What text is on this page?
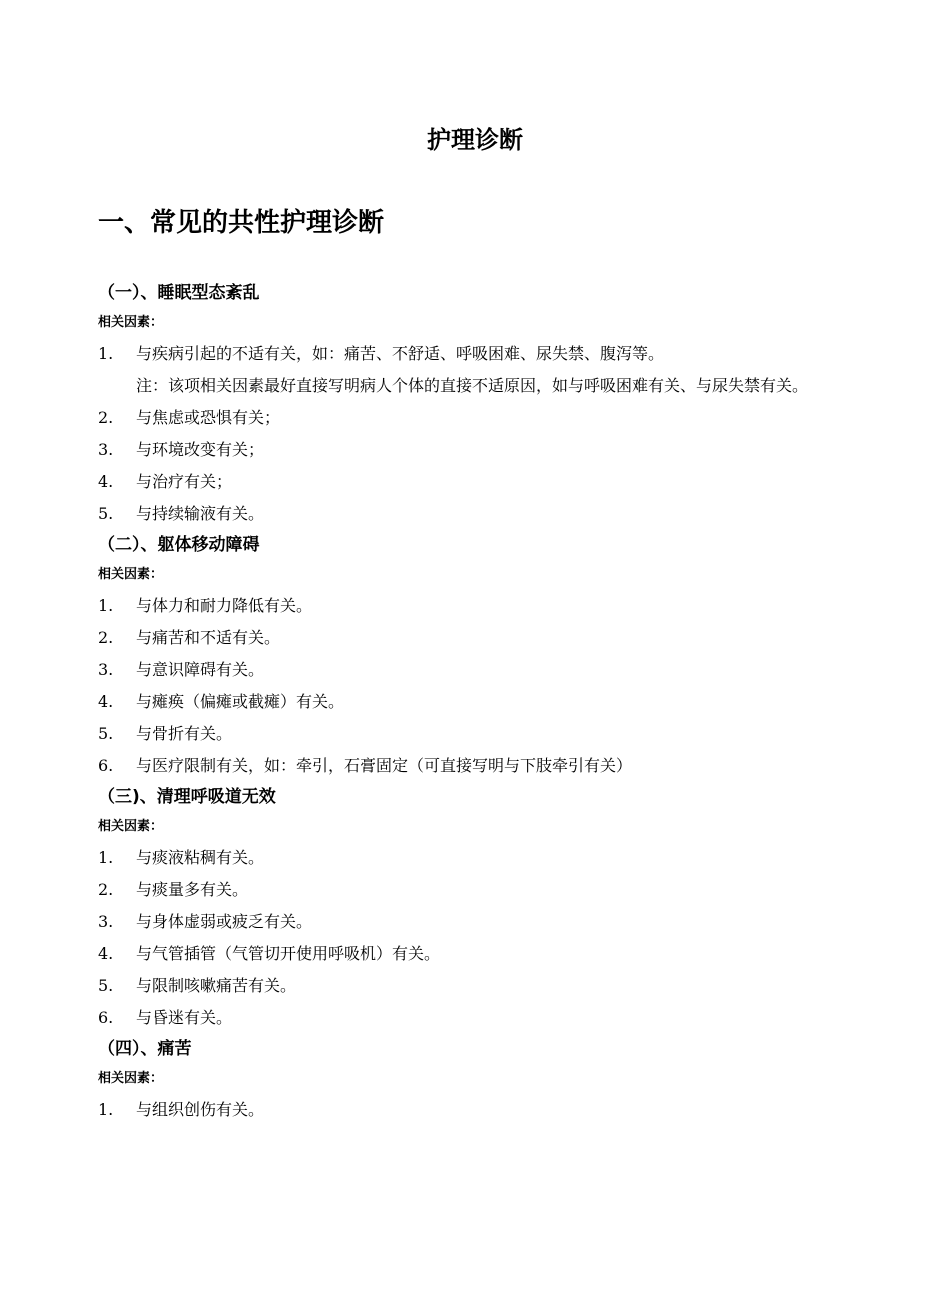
护理诊断
一、常见的共性护理诊断
（一）、睡眠型态紊乱
相关因素：
1. 与疾病引起的不适有关，如：痛苦、不舒适、呼吸困难、尿失禁、腹泻等。
注：该项相关因素最好直接写明病人个体的直接不适原因，如与呼吸困难有关、与尿失禁有关。
2. 与焦虑或恐惧有关；
3. 与环境改变有关；
4. 与治疗有关；
5. 与持续输液有关。
（二）、躯体移动障碍
相关因素：
1. 与体力和耐力降低有关。
2. 与痛苦和不适有关。
3. 与意识障碍有关。
4. 与瘫痪（偏瘫或截瘫）有关。
5. 与骨折有关。
6. 与医疗限制有关，如：牵引，石膏固定（可直接写明与下肢牵引有关）
（三)、清理呼吸道无效
相关因素：
1. 与痰液粘稠有关。
2. 与痰量多有关。
3. 与身体虚弱或疲乏有关。
4. 与气管插管（气管切开使用呼吸机）有关。
5. 与限制咳嗽痛苦有关。
6. 与昏迷有关。
（四）、痛苦
相关因素：
1. 与组织创伤有关。
